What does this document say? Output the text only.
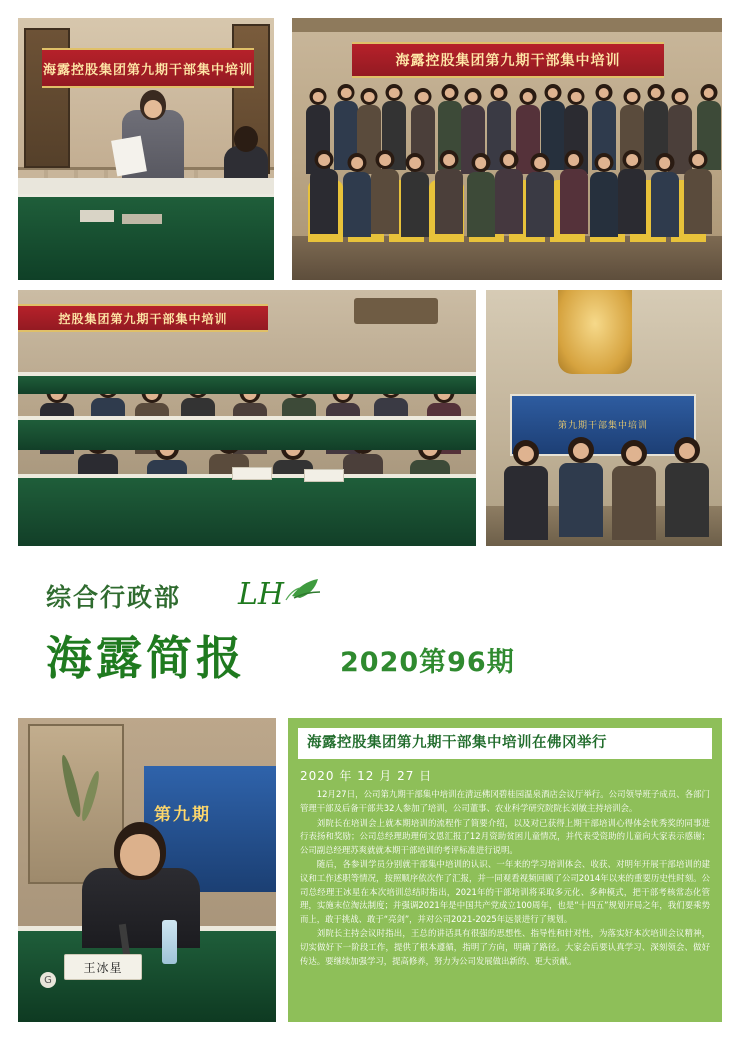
海露控股集团第九期干部集中培训
海露控股集团第九期干部集中培训
控股集团第九期干部集中培训
第九期干部集中培训
综合行政部 LH
海露简报	2020第96期
第九期
王冰星
G
海露控股集团第九期干部集中培训在佛冈举行
2020 年 12 月 27 日

12月27日，公司第九期干部集中培训在清远佛冈碧桂园温泉酒店会议厅举行。公司领导班子成员、各部门管理干部及后备干部共32人参加了培训，公司董事、农业科学研究院院长刘敏主持培训会。

刘院长在培训会上就本期培训的流程作了简要介绍，以及对已获得上期干部培训心得体会优秀奖的同事进行表扬和奖励；公司总经理助理何文恩汇报了12月资助贫困儿童情况，并代表受资助的儿童向大家表示感谢；公司副总经理苏爽就就本期干部培训的考评标准进行说明。

随后，各参训学员分别就干部集中培训的认识、一年来的学习培训体会、收获、对明年开展干部培训的建议和工作述职等情况，按照顺序依次作了汇报，并一同观看视频回顾了公司2014年以来的重要历史性时刻。公司总经理王冰星在本次培训总结时指出，2021年的干部培训将采取多元化、多种模式，把干部考核常态化管理，实施末位淘汰制度；并强调2021年是中国共产党成立100周年，也是“十四五”规划开局之年，我们要乘势而上，敢于挑战、敢于“亮剑”，并对公司2021-2025年远景进行了规划。

刘院长主持会议时指出，王总的讲话具有很强的思想性、指导性和针对性，为落实好本次培训会议精神，切实做好下一阶段工作，提供了根本遵循，指明了方向，明确了路径。大家会后要认真学习、深刻领会、做好传达。要继续加强学习，提高修养，努力为公司发展做出新的、更大贡献。
